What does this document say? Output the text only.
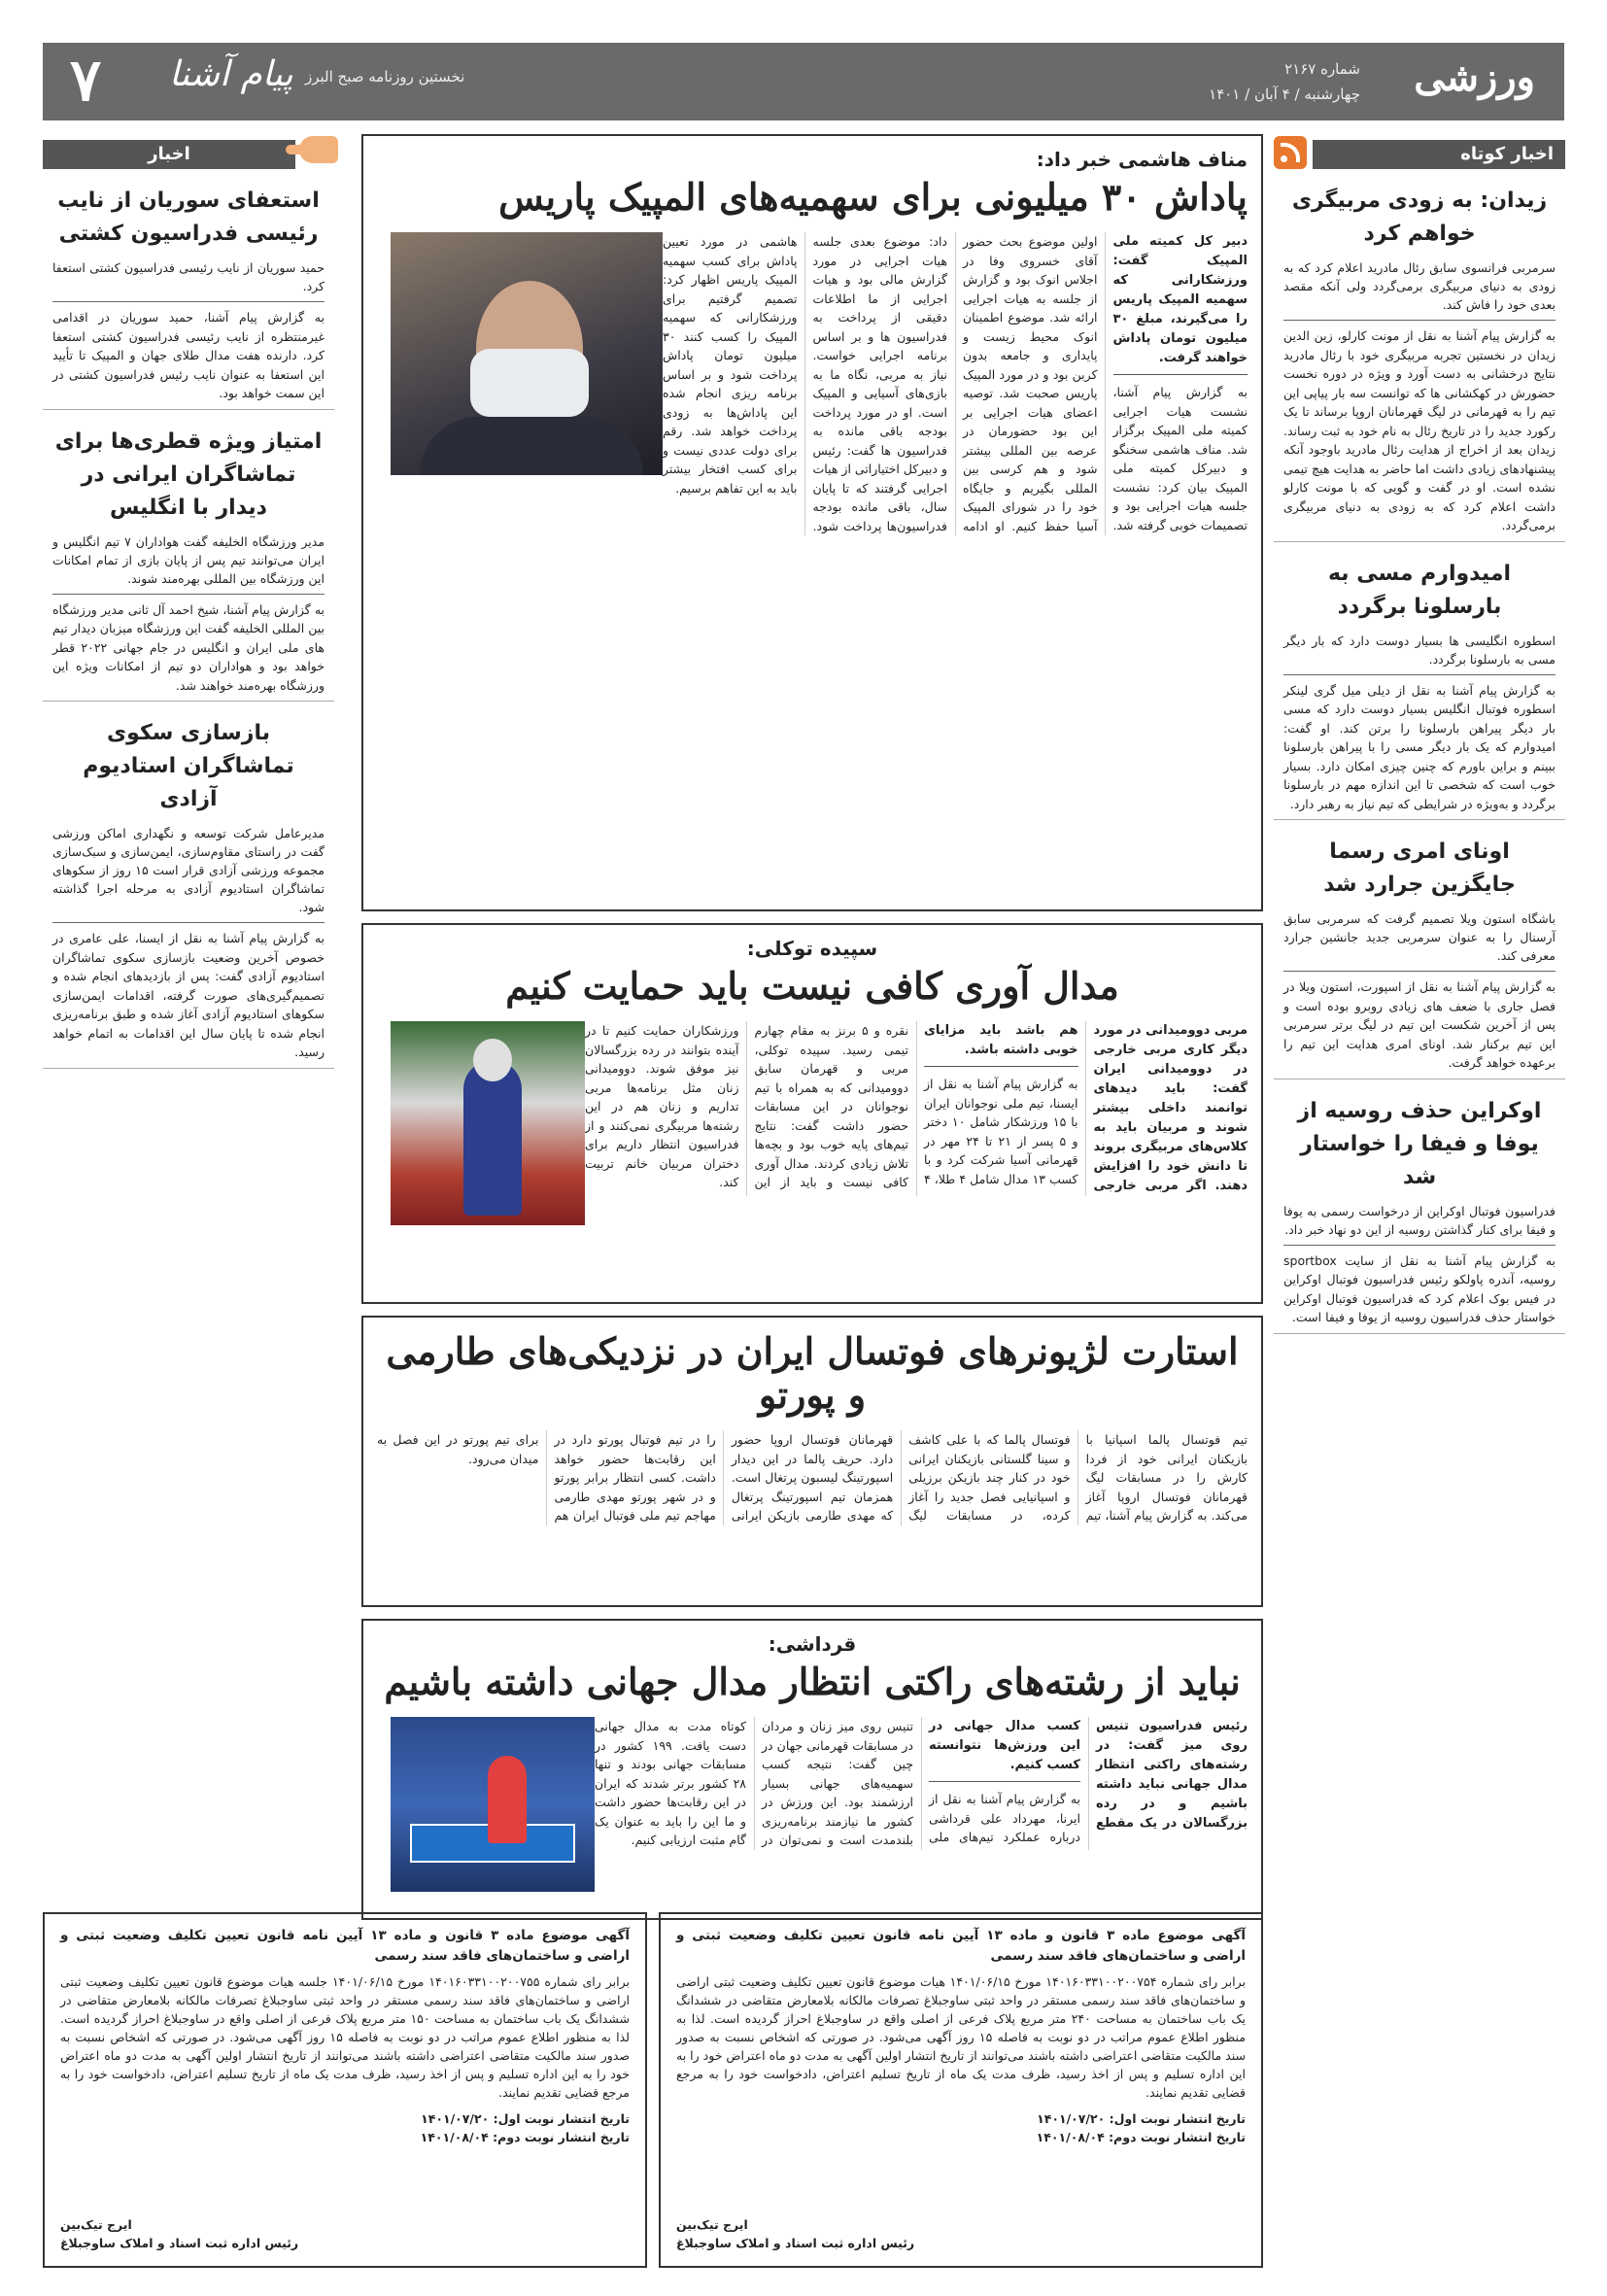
ورزشی
شماره ۲۱۶۷
چهارشنبه / ۴ آبان / ۱۴۰۱
۷ پیام آشنا نخستین روزنامه صبح البرز
اخبار کوتاه
زیدان: به زودی مربیگری خواهم کرد
سرمربی فرانسوی سابق رئال مادرید اعلام کرد که به زودی به دنیای مربیگری برمی‌گردد ولی آنکه مقصد بعدی خود را فاش کند.

به گزارش پیام آشنا به نقل از مونت کارلو، زین الدین زیدان در نخستین تجربه مربیگری خود با رئال مادرید نتایج درخشانی به دست آورد و ویژه در دوره نخست حضورش در کهکشانی ها که توانست سه بار پیاپی این تیم را به قهرمانی در لیگ قهرمانان اروپا برساند تا یک رکورد جدید را در تاریخ رئال به نام خود به ثبت رساند. زیدان بعد از اخراج از هدایت رئال مادرید باوجود آنکه پیشنهادهای زیادی داشت اما حاضر به هدایت هیچ تیمی نشده است. او در گفت و گویی که با مونت کارلو داشت اعلام کرد که به زودی به دنیای مربیگری برمی‌گردد.

امیدوارم مسی به بارسلونا برگردد
اسطوره انگلیسی ها بسیار دوست دارد که بار دیگر مسی به بارسلونا برگردد.

به گزارش پیام آشنا به نقل از دیلی میل گری لینکر اسطوره فوتبال انگلیس بسیار دوست دارد که مسی بار دیگر پیراهن بارسلونا را برتن کند. او گفت: امیدوارم که یک بار دیگر مسی را با پیراهن بارسلونا ببینم و براین باورم که چنین چیزی امکان دارد. بسیار خوب است که شخصی تا این اندازه مهم در بارسلونا برگردد و به‌ویژه در شرایطی که تیم نیاز به رهبر دارد.

اونای امری رسما جایگزین جرارد شد
باشگاه استون ویلا تصمیم گرفت که سرمربی سابق آرسنال را به عنوان سرمربی جدید جانشین جرارد معرفی کند.

به گزارش پیام آشنا به نقل از اسپورت، استون ویلا در فصل جاری با ضعف های زیادی روبرو بوده است و پس از آخرین شکست این تیم در لیگ برتر سرمربی این تیم برکنار شد. اونای امری هدایت این تیم را برعهده خواهد گرفت.

اوکراین حذف روسیه از یوفا و فیفا را خواستار شد
فدراسیون فوتبال اوکراین از درخواست رسمی به یوفا و فیفا برای کنار گذاشتن روسیه از این دو نهاد خبر داد.

به گزارش پیام آشنا به نقل از سایت sportbox روسیه، آندره پاولکو رئیس فدراسیون فوتبال اوکراین در فیس بوک اعلام کرد که فدراسیون فوتبال اوکراین خواستار حذف فدراسیون روسیه از یوفا و فیفا است.

اخبار
استعفای سوریان از نایب رئیسی فدراسیون کشتی
حمید سوریان از نایب رئیسی فدراسیون کشتی استعفا کرد.

به گزارش پیام آشنا، حمید سوریان در اقدامی غیرمنتظره از نایب رئیسی فدراسیون کشتی استعفا کرد. دارنده هفت مدال طلای جهان و المپیک تا تأیید این استعفا به عنوان نایب رئیس فدراسیون کشتی در این سمت خواهد بود.

امتیاز ویژه قطری‌ها برای تماشاگران ایرانی در دیدار با انگلیس
مدیر ورزشگاه الخلیفه گفت هواداران ۷ تیم انگلیس و ایران می‌توانند تیم پس از پایان بازی از تمام امکانات این ورزشگاه بین المللی بهره‌مند شوند.

به گزارش پیام آشنا، شیخ احمد آل ثانی مدیر ورزشگاه بین المللی الخلیفه گفت این ورزشگاه میزبان دیدار تیم های ملی ایران و انگلیس در جام جهانی ۲۰۲۲ قطر خواهد بود و هواداران دو تیم از امکانات ویژه این ورزشگاه بهره‌مند خواهند شد.

بازسازی سکوی تماشاگران استادیوم آزادی
مدیرعامل شرکت توسعه و نگهداری اماکن ورزشی گفت در راستای مقاوم‌سازی، ایمن‌سازی و سبک‌سازی مجموعه ورزشی آزادی قرار است ۱۵ روز از سکوهای تماشاگران استادیوم آزادی به مرحله اجرا گذاشته شود.

به گزارش پیام آشنا به نقل از ایسنا، علی عامری در خصوص آخرین وضعیت بازسازی سکوی تماشاگران استادیوم آزادی گفت: پس از بازدیدهای انجام شده و تصمیم‌گیری‌های صورت گرفته، اقدامات ایمن‌سازی سکوهای استادیوم آزادی آغاز شده و طبق برنامه‌ریزی انجام شده تا پایان سال این اقدامات به اتمام خواهد رسید.

مناف هاشمی خبر داد:
پاداش ۳۰ میلیونی برای سهمیه‌های المپیک پاریس
دبیر کل کمیته ملی المپیک گفت: ورزشکارانی که سهمیه المپیک پاریس را می‌گیرند، مبلغ ۳۰ میلیون تومان پاداش خواهند گرفت.
به گزارش پیام آشنا، نشست هیات اجرایی کمیته ملی المپیک برگزار شد. مناف هاشمی سخنگو و دبیرکل کمیته ملی المپیک بیان کرد: نشست جلسه هیات اجرایی بود و تصمیمات خوبی گرفته شد. اولین موضوع بحث حضور آقای خسروی وفا در اجلاس انوک بود و گزارش از جلسه به هیات اجرایی ارائه شد. موضوع اطمینان انوک محیط زیست و پایداری و جامعه بدون کربن بود و در مورد المپیک پاریس صحبت شد. توصیه اعضای هیات اجرایی بر این بود حضورمان در عرصه بین المللی بیشتر شود و هم کرسی بین المللی بگیریم و جایگاه خود را در شورای المپیک آسیا حفظ کنیم. او ادامه داد: موضوع بعدی جلسه هیات اجرایی در مورد گزارش مالی بود و هیات اجرایی از ما اطلاعات دقیقی از پرداخت به فدراسیون ها و بر اساس برنامه اجرایی خواست. نیاز به مربی، نگاه ما به بازی‌های آسیایی و المپیک است. او در مورد پرداخت بودجه باقی مانده به فدراسیون ها گفت: رئیس و دبیرکل اختیاراتی از هیات اجرایی گرفتند که تا پایان سال، باقی مانده بودجه فدراسیون‌ها پرداخت شود. هاشمی در مورد تعیین پاداش برای کسب سهمیه المپیک پاریس اظهار کرد: تصمیم گرفتیم برای ورزشکارانی که سهمیه المپیک را کسب کنند ۳۰ میلیون تومان پاداش پرداخت شود و بر اساس برنامه ریزی انجام شده این پاداش‌ها به زودی پرداخت خواهد شد. رقم برای دولت عددی نیست و برای کسب افتخار بیشتر باید به این تفاهم برسیم.
سپیده توکلی:
مدال آوری کافی نیست باید حمایت کنیم
مربی دوومیدانی در مورد دیگر کاری مربی خارجی در دوومیدانی ایران گفت: باید دیدهای توانمند داخلی بیشتر شوند و مربیان باید به کلاس‌های مربیگری بروند تا دانش خود را افزایش دهند. اگر مربی خارجی هم باشد باید مزایای خوبی داشته باشد.
به گزارش پیام آشنا به نقل از ایسنا، تیم ملی نوجوانان ایران با ۱۵ ورزشکار شامل ۱۰ دختر و ۵ پسر از ۲۱ تا ۲۴ مهر در قهرمانی آسیا شرکت کرد و با کسب ۱۳ مدال شامل ۴ طلا، ۴ نقره و ۵ برنز به مقام چهارم تیمی رسید. سپیده توکلی، مربی و قهرمان سابق دوومیدانی که به همراه با تیم نوجوانان در این مسابقات حضور داشت گفت: نتایج تیم‌های پایه خوب بود و بچه‌ها تلاش زیادی کردند. مدال آوری کافی نیست و باید از این ورزشکاران حمایت کنیم تا در آینده بتوانند در رده بزرگسالان نیز موفق شوند. دوومیدانی زنان مثل برنامه‌ها مربی تداریم و زنان هم در این رشته‌ها مربیگری نمی‌کنند و از فدراسیون انتظار داریم برای دختران مربیان خانم تربیت کند.
استارت لژیونرهای فوتسال ایران در نزدیکی‌های طارمی و پورتو
تیم فوتسال پالما اسپانیا با بازیکنان ایرانی خود از فردا کارش را در مسابقات لیگ قهرمانان فوتسال اروپا آغاز می‌کند. به گزارش پیام آشنا، تیم فوتسال پالما که با علی کاشف و سینا گلستانی بازیکنان ایرانی خود در کنار چند بازیکن برزیلی و اسپانیایی فصل جدید را آغاز کرده، در مسابقات لیگ قهرمانان فوتسال اروپا حضور دارد. حریف پالما در این دیدار اسپورتینگ لیسبون پرتغال است. همزمان تیم اسپورتینگ پرتغال که مهدی طارمی بازیکن ایرانی را در تیم فوتبال پورتو دارد در این رقابت‌ها حضور خواهد داشت. کسی انتظار برابر پورتو و در شهر پورتو مهدی طارمی مهاجم تیم ملی فوتبال ایران هم برای تیم پورتو در این فصل به میدان می‌رود.
قرداشی:
نباید از رشته‌های راکتی انتظار مدال جهانی داشته باشیم
رئیس فدراسیون تنیس روی میز گفت: در رشته‌های راکتی انتظار مدال جهانی نباید داشته باشیم و در رده بزرگسالان در یک مقطع کسب مدال جهانی در این ورزش‌ها نتوانسته کسب کنیم.
به گزارش پیام آشنا به نقل از ایرنا، مهرداد علی قرداشی درباره عملکرد تیم‌های ملی تنیس روی میز زنان و مردان در مسابقات قهرمانی جهان در چین گفت: نتیجه کسب سهمیه‌های جهانی بسیار ارزشمند بود. این ورزش در کشور ما نیازمند برنامه‌ریزی بلندمدت است و نمی‌توان در کوتاه مدت به مدال جهانی دست یافت. ۱۹۹ کشور در مسابقات جهانی بودند و تنها ۲۸ کشور برتر شدند که ایران در این رقابت‌ها حضور داشت و ما این را باید به عنوان یک گام مثبت ارزیابی کنیم.
آگهی موضوع ماده ۳ قانون و ماده ۱۳ آیین نامه قانون تعیین تکلیف وضعیت ثبتی و اراضی و ساختمان‌های فاقد سند رسمی
برابر رای شماره ۱۴۰۱۶۰۳۳۱۰۰۲۰۰۷۵۵ مورخ ۱۴۰۱/۰۶/۱۵ جلسه هیات موضوع قانون تعیین تکلیف وضعیت ثبتی اراضی و ساختمان‌های فاقد سند رسمی مستقر در واحد ثبتی ساوجبلاغ تصرفات مالکانه بلامعارض متقاضی در ششدانگ یک باب ساختمان به مساحت ۱۵۰ متر مربع پلاک فرعی از اصلی واقع در ساوجبلاغ احراز گردیده است. لذا به منظور اطلاع عموم مراتب در دو نوبت به فاصله ۱۵ روز آگهی می‌شود. در صورتی که اشخاص نسبت به صدور سند مالکیت متقاضی اعتراضی داشته باشند می‌توانند از تاریخ انتشار اولین آگهی به مدت دو ماه اعتراض خود را به این اداره تسلیم و پس از اخذ رسید، ظرف مدت یک ماه از تاریخ تسلیم اعتراض، دادخواست خود را به مرجع قضایی تقدیم نمایند.
تاریخ انتشار نوبت اول: ۱۴۰۱/۰۷/۲۰
تاریخ انتشار نوبت دوم: ۱۴۰۱/۰۸/۰۴
ایرج تیک‌بین
رئیس اداره ثبت اسناد و املاک ساوجبلاغ
آگهی موضوع ماده ۳ قانون و ماده ۱۳ آیین نامه قانون تعیین تکلیف وضعیت ثبتی و اراضی و ساختمان‌های فاقد سند رسمی
برابر رای شماره ۱۴۰۱۶۰۳۳۱۰۰۲۰۰۷۵۴ مورخ ۱۴۰۱/۰۶/۱۵ هیات موضوع قانون تعیین تکلیف وضعیت ثبتی اراضی و ساختمان‌های فاقد سند رسمی مستقر در واحد ثبتی ساوجبلاغ تصرفات مالکانه بلامعارض متقاضی در ششدانگ یک باب ساختمان به مساحت ۲۴۰ متر مربع پلاک فرعی از اصلی واقع در ساوجبلاغ احراز گردیده است. لذا به منظور اطلاع عموم مراتب در دو نوبت به فاصله ۱۵ روز آگهی می‌شود. در صورتی که اشخاص نسبت به صدور سند مالکیت متقاضی اعتراضی داشته باشند می‌توانند از تاریخ انتشار اولین آگهی به مدت دو ماه اعتراض خود را به این اداره تسلیم و پس از اخذ رسید، ظرف مدت یک ماه از تاریخ تسلیم اعتراض، دادخواست خود را به مرجع قضایی تقدیم نمایند.
تاریخ انتشار نوبت اول: ۱۴۰۱/۰۷/۲۰
تاریخ انتشار نوبت دوم: ۱۴۰۱/۰۸/۰۴
ایرج تیک‌بین
رئیس اداره ثبت اسناد و املاک ساوجبلاغ
